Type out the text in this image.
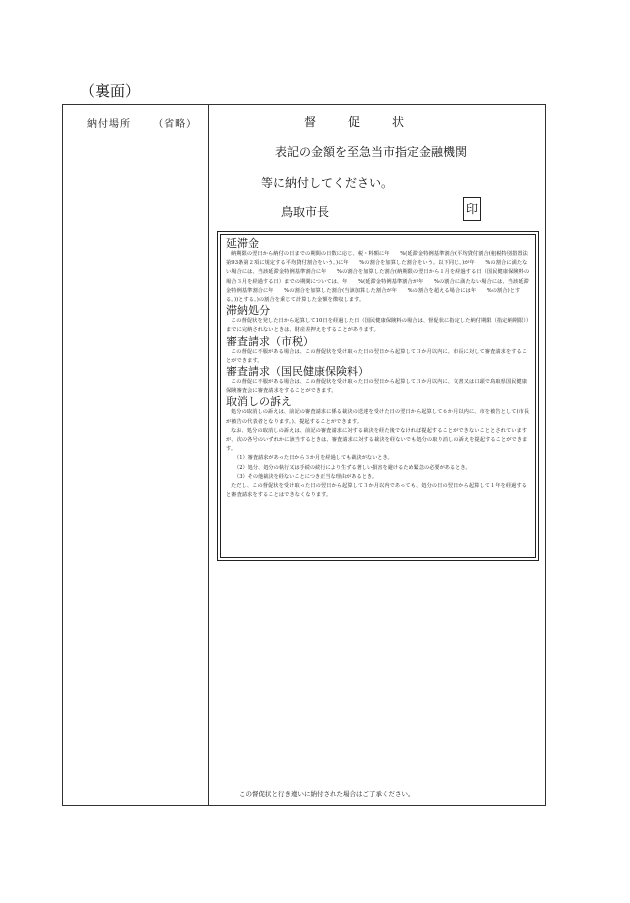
（裏面）
納付場所 （省略）	督　促　状
表記の金額を至急当市指定金融機関
等に納付してください。
鳥取市長	印

延滞金

納期限の翌日から納付の日までの期間の日数に応じ、税・料額に年　　%(延滞金特例基準割合(平均貸付割合(租税特別措置法第93条第２項に規定する平均貸付割合をいう。)に年　　%の割合を加算した割合をいう。以下同じ。)が年　　%の割合に満たない場合には、当該延滞金特例基準割合に年　　%の割合を加算した割合(納期限の翌日から１月を経過する日（国民健康保険料の場合３月を経過する日）までの期間については、年　　%(延滞金特例基準割合が年　　%の割合に満たない場合には、当該延滞金特例基準割合に年　　%の割合を加算した割合(当該加算した割合が年　　%の割合を超える場合には年　　%の割合)とする。))とする。)の割合を乗じて計算した金額を徴収します。

滞納処分

この督促状を発した日から起算して10日を経過した日（国民健康保険料の場合は、督促状に指定した納付期限（指定納期限））までに完納されないときは、財産差押えをすることがあります。

審査請求（市税）

この督促に不服がある場合は、この督促状を受け取った日の翌日から起算して３か月以内に、市長に対して審査請求をすることができます。

審査請求（国民健康保険料）

この督促に不服がある場合は、この督促状を受け取った日の翌日から起算して３か月以内に、文書又は口頭で鳥取県国民健康保険審査会に審査請求をすることができます。

取消しの訴え

処分の取消しの訴えは、前記の審査請求に係る裁決の送達を受けた日の翌日から起算して６か月以内に、市を被告として(市長が被告の代表者となります。)、提起することができます。

なお、処分の取消しの訴えは、前記の審査請求に対する裁決を経た後でなければ提起することができないこととされていますが、次の各号のいずれかに該当するときは、審査請求に対する裁決を経ないでも処分の取り消しの訴えを提起することができます。

（1）審査請求があった日から３か月を経過しても裁決がないとき。

（2）処分、処分の執行又は手続の続行により生ずる著しい損害を避けるため緊急の必要があるとき。

（3）その他裁決を経ないことにつき正当な理由があるとき。

ただし、この督促状を受け取った日の翌日から起算して３か月以内であっても、処分の日の翌日から起算して１年を経過すると審査請求をすることはできなくなります。

この督促状と行き違いに納付された場合はご了承ください。
